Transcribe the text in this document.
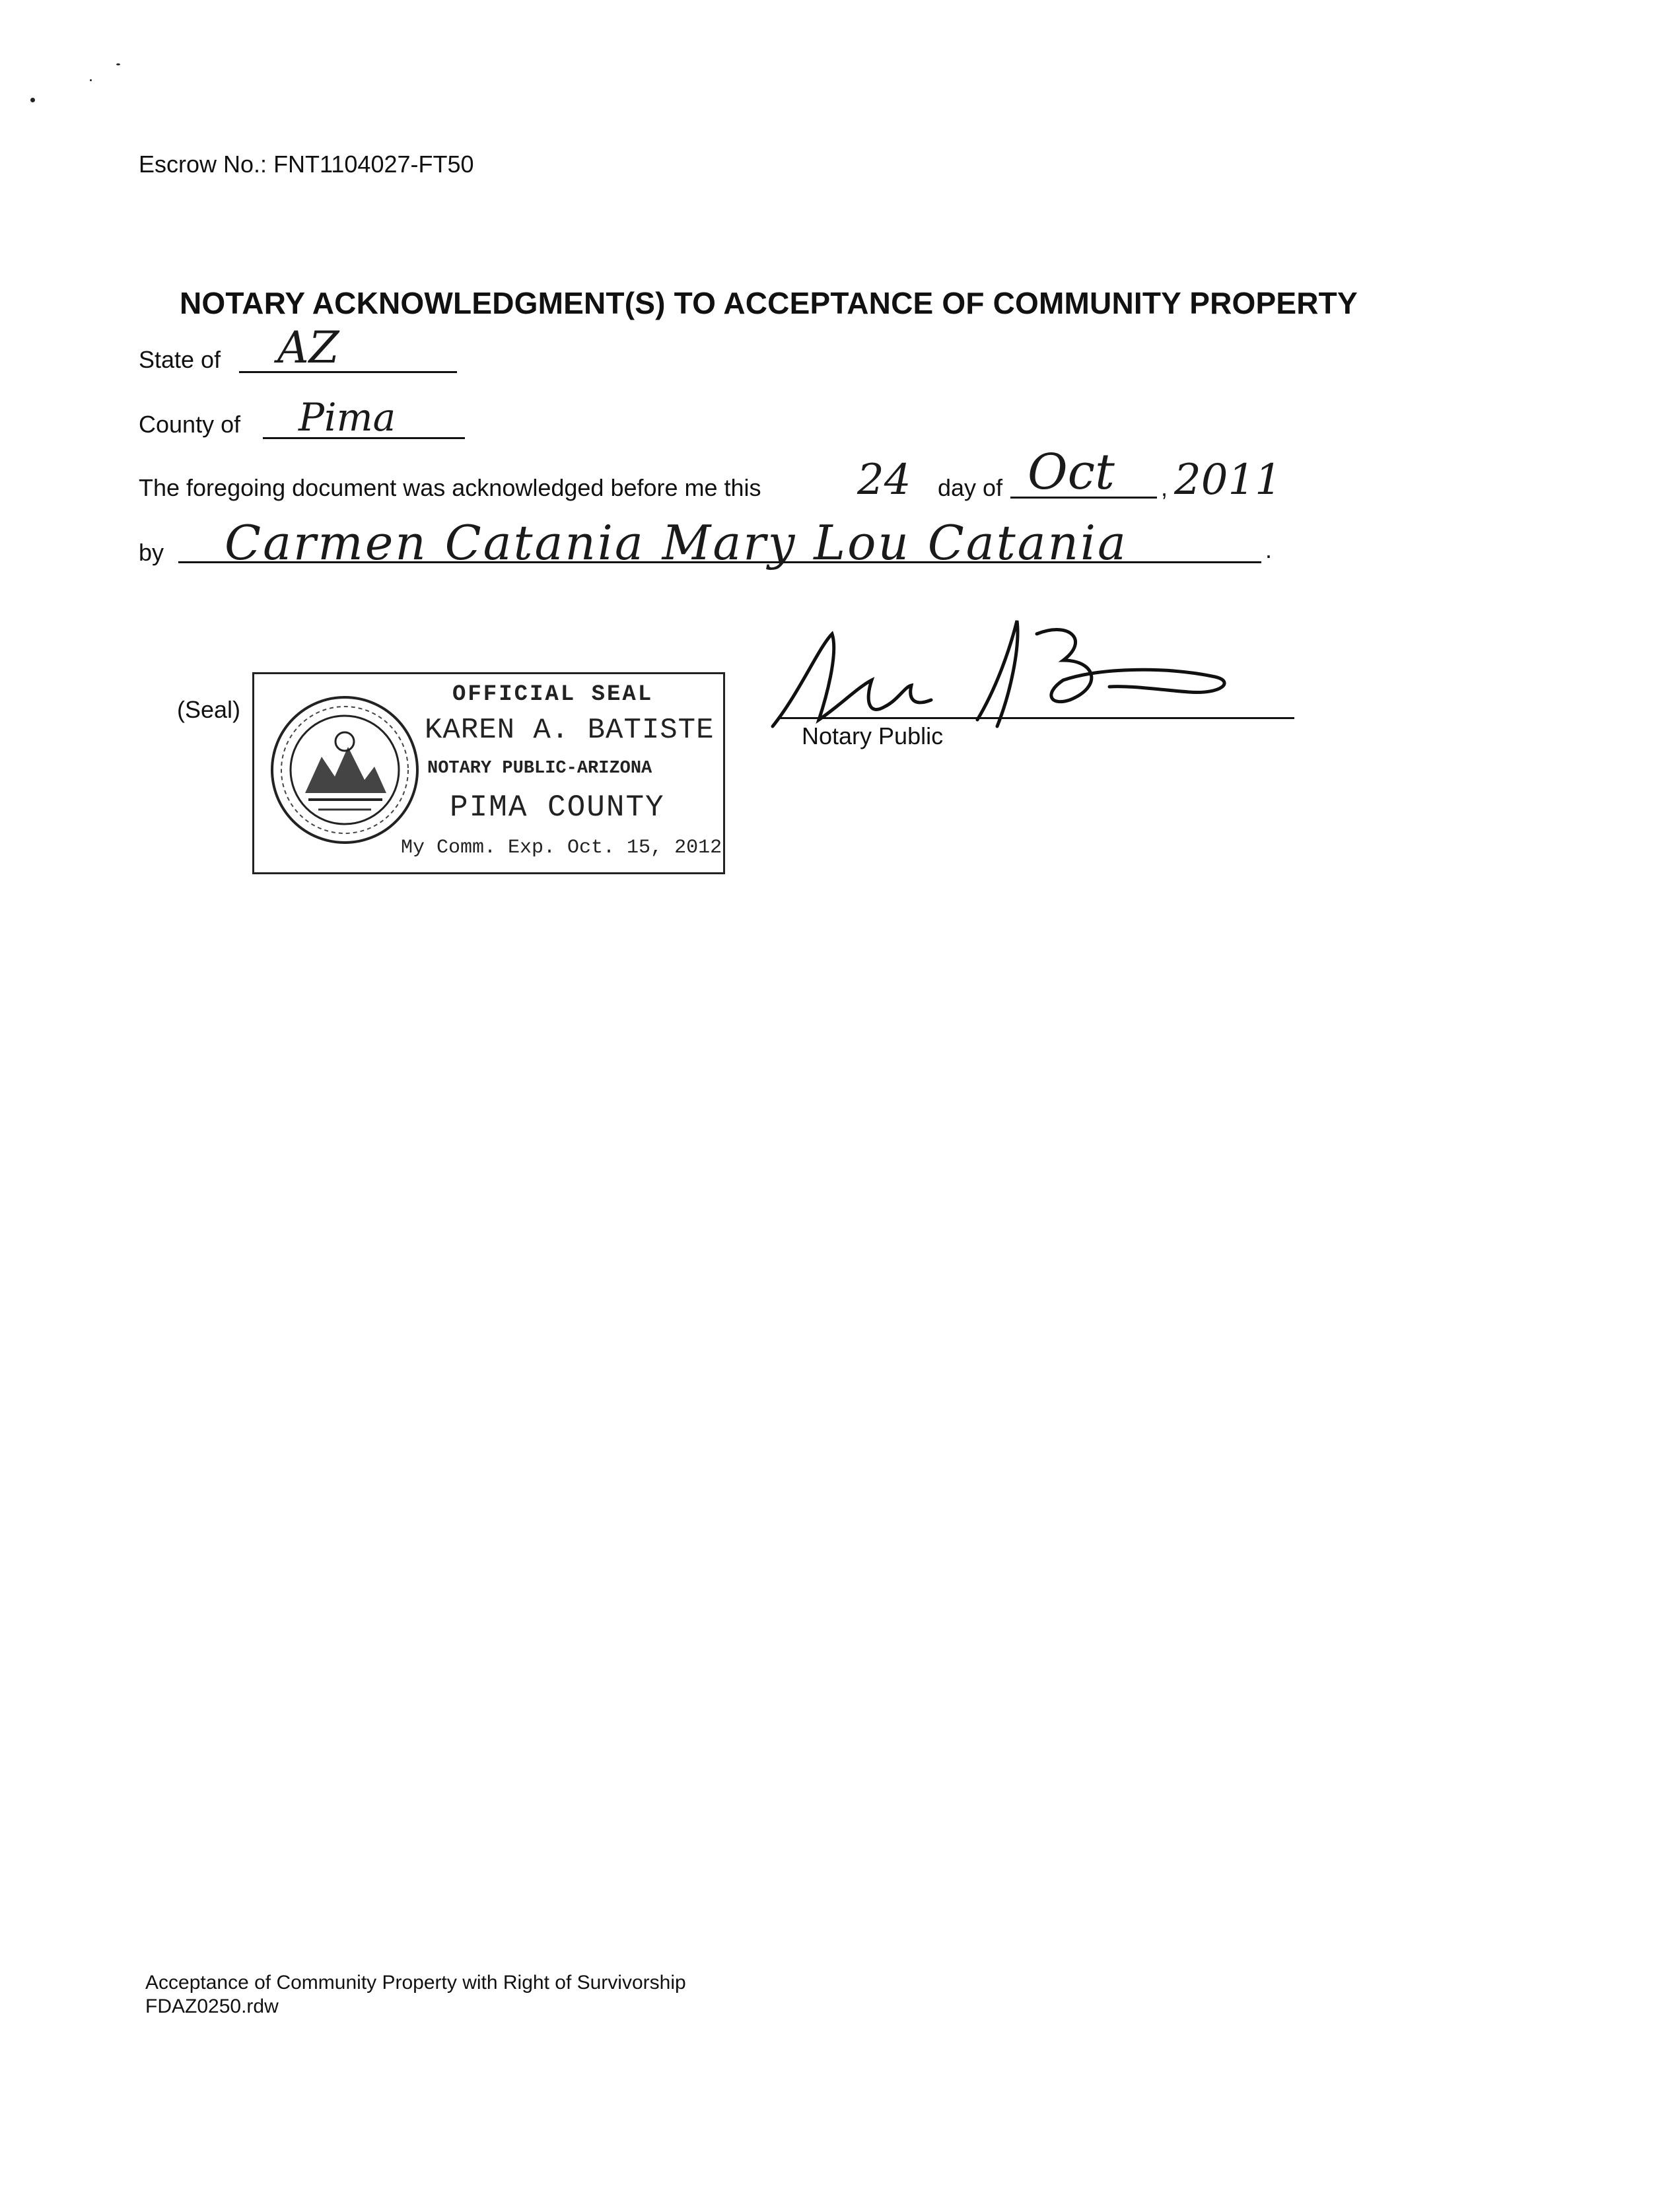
Escrow No.: FNT1104027-FT50
NOTARY ACKNOWLEDGMENT(S) TO ACCEPTANCE OF COMMUNITY PROPERTY
State of AZ
County of Pima
The foregoing document was acknowledged before me this 24 day of Oct , 2011
by Carmen Catania Mary Lou Catania	.
(Seal)
OFFICIAL SEAL
KAREN A. BATISTE
NOTARY PUBLIC-ARIZONA
PIMA COUNTY
My Comm. Exp. Oct. 15, 2012
Notary Public
Acceptance of Community Property with Right of Survivorship
FDAZ0250.rdw
